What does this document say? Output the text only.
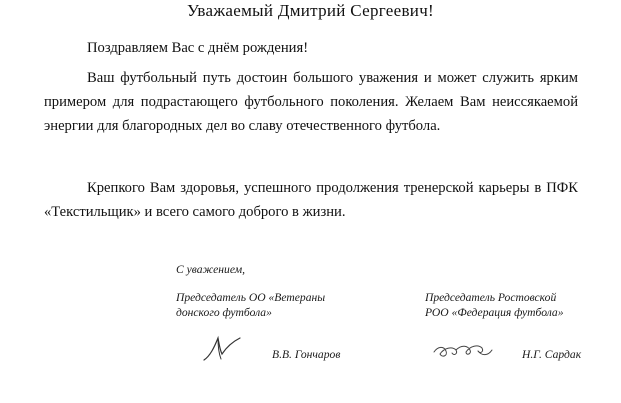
Уважаемый Дмитрий Сергеевич!
Поздравляем Вас с днём рождения!
Ваш футбольный путь достоин большого уважения и может служить ярким примером для подрастающего футбольного поколения. Желаем Вам неиссякаемой энергии для благородных дел во славу отечественного футбола.
Крепкого Вам здоровья, успешного продолжения тренерской карьеры в ПФК «Текстильщик» и всего самого доброго в жизни.
С уважением,
Председатель ОО «Ветераны
донского футбола»
Председатель Ростовской
РОО «Федерация футбола»
В.В. Гончаров	Н.Г. Сардак
